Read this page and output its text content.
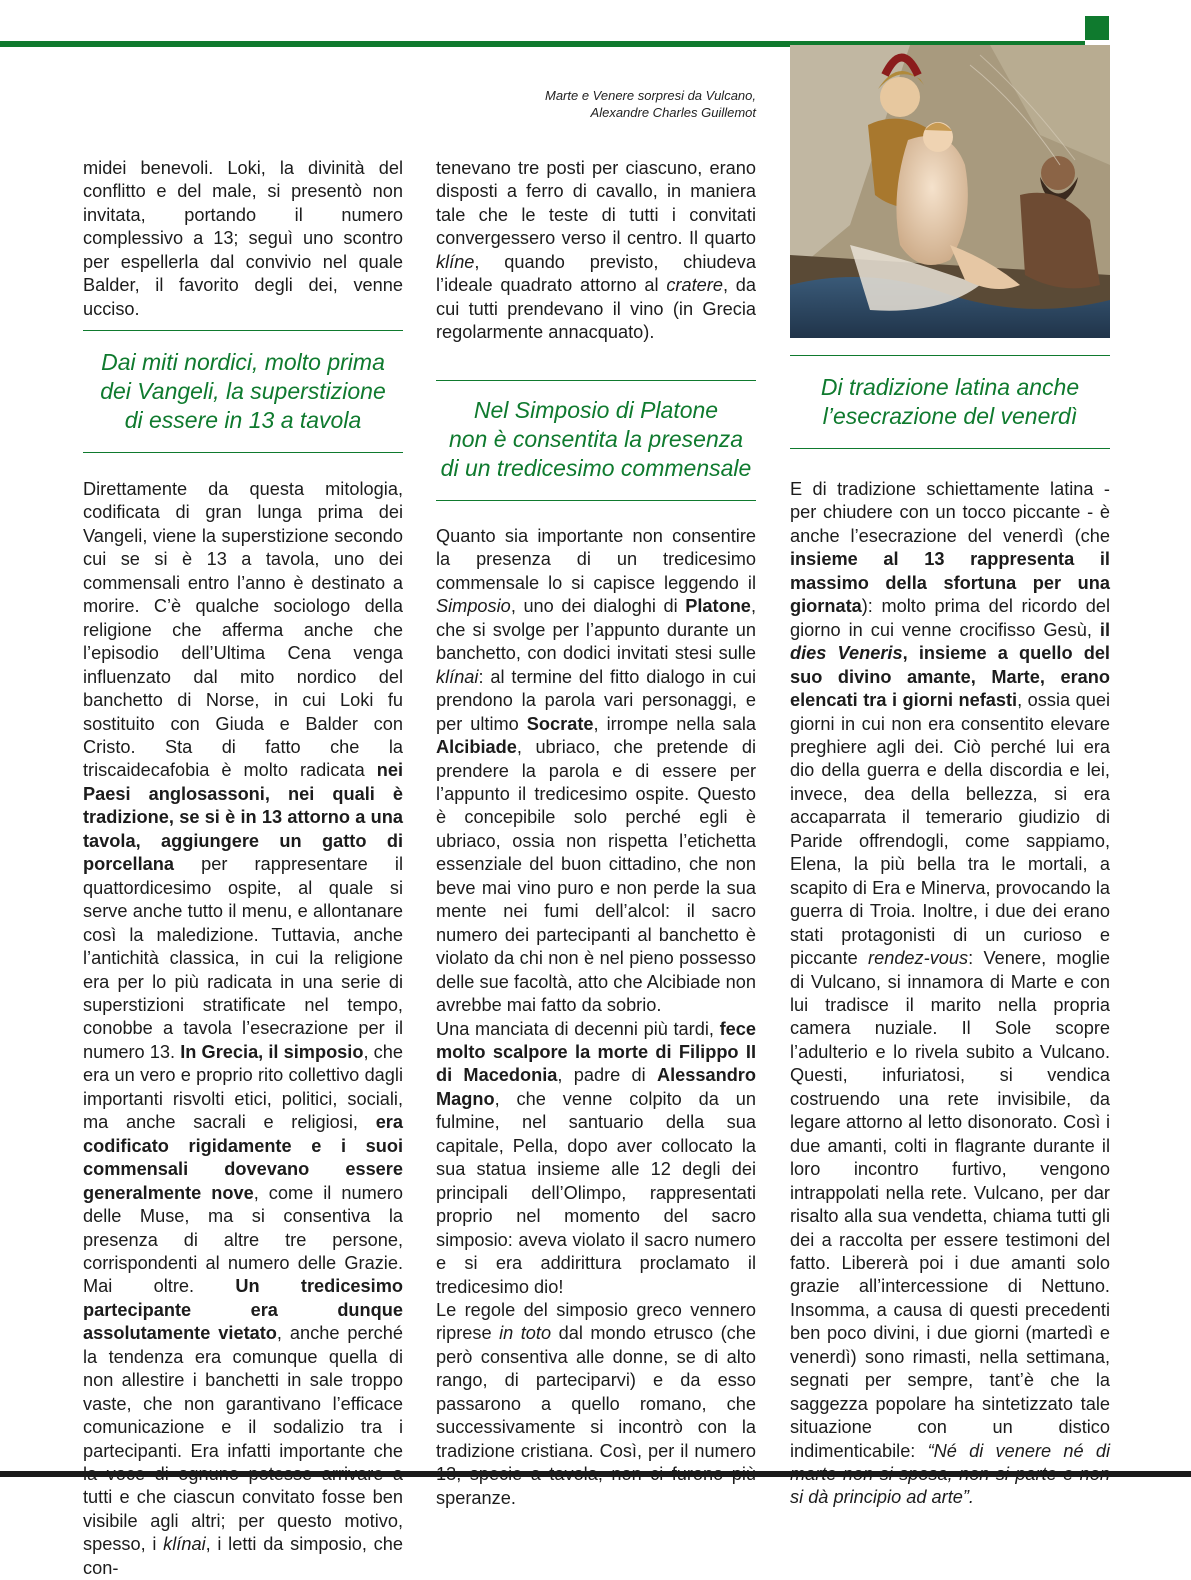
Marte e Venere sorpresi da Vulcano,
Alexandre Charles Guillemot

midei benevoli. Loki, la divinità del conflitto e del male, si presentò non invitata, portando il numero complessivo a 13; seguì uno scontro per espellerla dal convivio nel quale Balder, il favorito degli dei, venne ucciso.

Dai miti nordici, molto prima
dei Vangeli, la superstizione
di essere in 13 a tavola

Direttamente da questa mitologia, codificata di gran lunga prima dei Vangeli, viene la superstizione secondo cui se si è 13 a tavola, uno dei commensali entro l’anno è destinato a morire. C’è qualche sociologo della religione che afferma anche che l’episodio dell’Ultima Cena venga influenzato dal mito nordico del banchetto di Norse, in cui Loki fu sostituito con Giuda e Balder con Cristo. Sta di fatto che la triscaidecafobia è molto radicata nei Paesi anglosassoni, nei quali è tradizione, se si è in 13 attorno a una tavola, aggiungere un gatto di porcellana per rappresentare il quattordicesimo ospite, al quale si serve anche tutto il menu, e allontanare così la maledizione. Tuttavia, anche l’antichità classica, in cui la religione era per lo più radicata in una serie di superstizioni stratificate nel tempo, conobbe a tavola l’esecrazione per il numero 13. In Grecia, il simposio, che era un vero e proprio rito collettivo dagli importanti risvolti etici, politici, sociali, ma anche sacrali e religiosi, era codificato rigidamente e i suoi commensali dovevano essere generalmente nove, come il numero delle Muse, ma si consentiva la presenza di altre tre persone, corrispondenti al numero delle Grazie. Mai oltre. Un tredicesimo partecipante era dunque assolutamente vietato, anche perché la tendenza era comunque quella di non allestire i banchetti in sale troppo vaste, che non garantivano l’efficace comunicazione e il sodalizio tra i partecipanti. Era infatti importante che tutti e che ciascun convitato fosse ben visibile agli altri; per questo motivo, spesso, i klínai, i letti da simposio, che con-

tenevano tre posti per ciascuno, erano disposti a ferro di cavallo, in maniera tale che le teste di tutti i convitati convergessero verso il centro. Il quarto klíne, quando previsto, chiudeva l’ideale quadrato attorno al cratere, da cui tutti prendevano il vino (in Grecia regolarmente annacquato).

Nel Simposio di Platone
non è consentita la presenza
di un tredicesimo commensale

Quanto sia importante non consentire la presenza di un tredicesimo commensale lo si capisce leggendo il Simposio, uno dei dialoghi di Platone, che si svolge per l’appunto durante un banchetto, con dodici invitati stesi sulle klínai: al termine del fitto dialogo in cui prendono la parola vari personaggi, e per ultimo Socrate, irrompe nella sala Alcibiade, ubriaco, che pretende di prendere la parola e di essere per l’appunto il tredicesimo ospite. Questo è concepibile solo perché egli è ubriaco, ossia non rispetta l’etichetta essenziale del buon cittadino, che non beve mai vino puro e non perde la sua mente nei fumi dell’alcol: il sacro numero dei partecipanti al banchetto è violato da chi non è nel pieno possesso delle sue facoltà, atto che Alcibiade non avrebbe mai fatto da sobrio.

Una manciata di decenni più tardi, fece molto scalpore la morte di Filippo II di Macedonia, padre di Alessandro Magno, che venne colpito da un fulmine, nel santuario della sua capitale, Pella, dopo aver collocato la sua statua insieme alle 12 degli dei principali dell’Olimpo, rappresentati proprio nel momento del sacro simposio: aveva violato il sacro numero e si era addirittura proclamato il tredicesimo dio!

Le regole del simposio greco vennero riprese in toto dal mondo etrusco (che però consentiva alle donne, se di alto rango, di parteciparvi) e da esso passarono a quello romano, che successivamente si incontrò con la tradizione cristiana. Così, per il numero speranze.

Di tradizione latina anche
l’esecrazione del venerdì

E di tradizione schiettamente latina - per chiudere con un tocco piccante - è anche l’esecrazione del venerdì (che insieme al 13 rappresenta il massimo della sfortuna per una giornata): molto prima del ricordo del giorno in cui venne crocifisso Gesù, il dies Veneris, insieme a quello del suo divino amante, Marte, erano elencati tra i giorni nefasti, ossia quei giorni in cui non era consentito elevare preghiere agli dei. Ciò perché lui era dio della guerra e della discordia e lei, invece, dea della bellezza, si era accaparrata il temerario giudizio di Paride offrendogli, come sappiamo, Elena, la più bella tra le mortali, a scapito di Era e Minerva, provocando la guerra di Troia. Inoltre, i due dei erano stati protagonisti di un curioso e piccante rendez-vous: Venere, moglie di Vulcano, si innamora di Marte e con lui tradisce il marito nella propria camera nuziale. Il Sole scopre l’adulterio e lo rivela subito a Vulcano. Questi, infuriatosi, si vendica costruendo una rete invisibile, da legare attorno al letto disonorato. Così i due amanti, colti in flagrante durante il loro incontro furtivo, vengono intrappolati nella rete. Vulcano, per dar risalto alla sua vendetta, chiama tutti gli dei a raccolta per essere testimoni del fatto. Libererà poi i due amanti solo grazie all’intercessione di Nettuno. Insomma, a causa di questi precedenti ben poco divini, i due giorni (martedì e venerdì) sono rimasti, nella settimana, segnati per sempre, tant’è che la saggezza popolare ha sintetizzato tale situazione con un distico indimenticabile: “Né di venere né di si dà principio ad arte”.
